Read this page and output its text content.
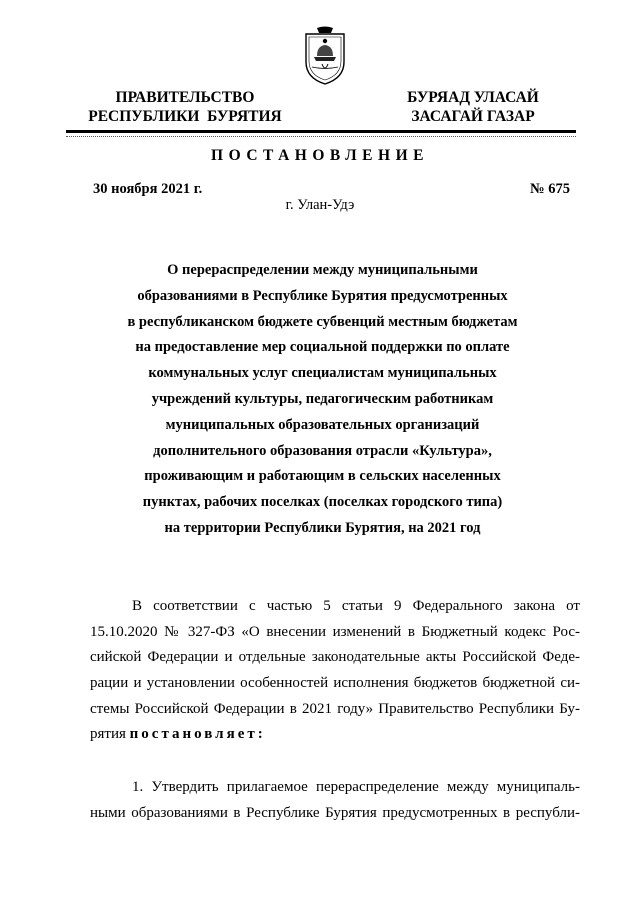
ПРАВИТЕЛЬСТВО
РЕСПУБЛИКИ  БУРЯТИЯ
БУРЯАД УЛАСАЙ
ЗАСАГАЙ ГАЗАР
ПОСТАНОВЛЕНИЕ
30 ноября 2021 г.	№ 675
г. Улан-Удэ
О перераспределении между муниципальными
образованиями в Республике Бурятия предусмотренных
в республиканском бюджете субвенций местным бюджетам
на предоставление мер социальной поддержки по оплате
коммунальных услуг специалистам муниципальных
учреждений культуры, педагогическим работникам
муниципальных образовательных организаций
дополнительного образования отрасли «Культура»,
проживающим и работающим в сельских населенных
пунктах, рабочих поселках (поселках городского типа)
на территории Республики Бурятия, на 2021 год
В соответствии с частью 5 статьи 9 Федерального закона от
15.10.2020 № 327-ФЗ «О внесении изменений в Бюджетный кодекс Рос-
сийской Федерации и отдельные законодательные акты Российской Феде-
рации и установлении особенностей исполнения бюджетов бюджетной си-
стемы Российской Федерации в 2021 году» Правительство Республики Бу-
рятия постановляет:
1. Утвердить прилагаемое перераспределение между муниципаль-
ными образованиями в Республике Бурятия предусмотренных в республи-
